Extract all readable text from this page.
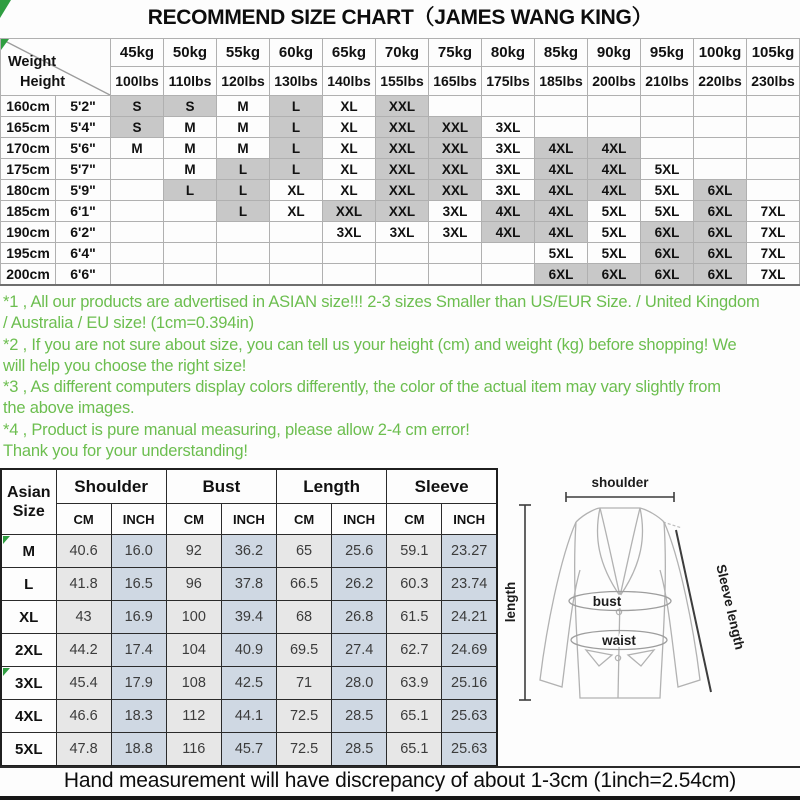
RECOMMEND SIZE CHART（JAMES WANG KING）
Weight
Height		45kg	50kg	55kg	60kg	65kg	70kg	75kg	80kg	85kg	90kg	95kg	100kg	105kg
		100lbs	110lbs	120lbs	130lbs	140lbs	155lbs	165lbs	175lbs	185lbs	200lbs	210lbs	220lbs	230lbs
160cm	5'2"	S	S	M	L	XL	XXL							
165cm	5'4"	S	M	M	L	XL	XXL	XXL	3XL					
170cm	5'6"	M	M	M	L	XL	XXL	XXL	3XL	4XL	4XL			
175cm	5'7"		M	L	L	XL	XXL	XXL	3XL	4XL	4XL	5XL		
180cm	5'9"		L	L	XL	XL	XXL	XXL	3XL	4XL	4XL	5XL	6XL	
185cm	6'1"			L	XL	XXL	XXL	3XL	4XL	4XL	5XL	5XL	6XL	7XL
190cm	6'2"					3XL	3XL	3XL	4XL	4XL	5XL	6XL	6XL	7XL
195cm	6'4"									5XL	5XL	6XL	6XL	7XL
200cm	6'6"									6XL	6XL	6XL	6XL	7XL
*1 , All our products are advertised in ASIAN size!!! 2-3 sizes Smaller than US/EUR Size. / United Kingdom
/ Australia / EU size! (1cm=0.394in)
*2 , If you are not sure about size, you can tell us your height (cm) and weight (kg) before shopping! We
will help you choose the right size!
*3 , As different computers display colors differently, the color of the actual item may vary slightly from
the above images.
*4 , Product is pure manual measuring, please allow 2-4 cm error!
Thank you for your understanding!
Asian
Size	Shoulder		Bust		Length		Sleeve	
	CM	INCH	CM	INCH	CM	INCH	CM	INCH
M	40.6	16.0	92	36.2	65	25.6	59.1	23.27
L	41.8	16.5	96	37.8	66.5	26.2	60.3	23.74
XL	43	16.9	100	39.4	68	26.8	61.5	24.21
2XL	44.2	17.4	104	40.9	69.5	27.4	62.7	24.69
3XL	45.4	17.9	108	42.5	71	28.0	63.9	25.16
4XL	46.6	18.3	112	44.1	72.5	28.5	65.1	25.63
5XL	47.8	18.8	116	45.7	72.5	28.5	65.1	25.63
shoulder
length	Sleeve length
bust
waist
Hand measurement will have discrepancy of about 1-3cm (1inch=2.54cm)
